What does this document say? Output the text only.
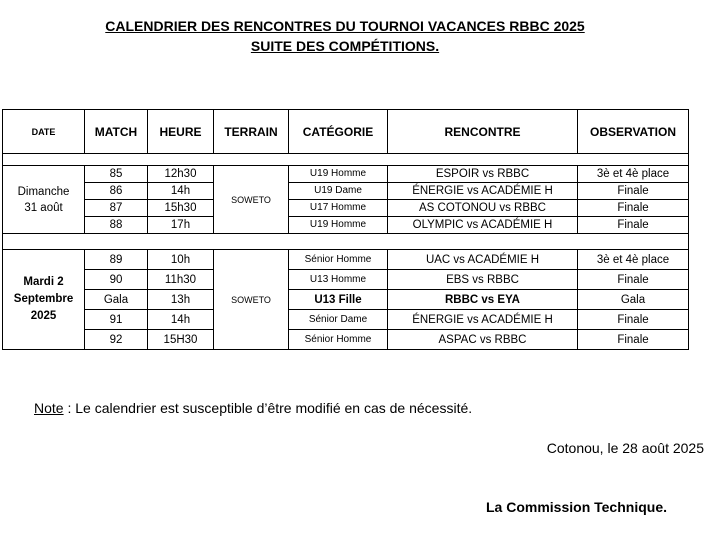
CALENDRIER DES RENCONTRES DU TOURNOI VACANCES RBBC 2025
SUITE DES COMPÉTITIONS.
DATE	MATCH	HEURE	TERRAIN	CATÉGORIE	RENCONTRE	OBSERVATION

Dimanche
31 août	85	12h30	SOWETO	U19 Homme	ESPOIR vs RBBC	3è et 4è place
	86	14h		U19 Dame	ÉNERGIE vs ACADÉMIE H	Finale
	87	15h30		U17 Homme	AS COTONOU vs RBBC	Finale
	88	17h		U19 Homme	OLYMPIC vs ACADÉMIE H	Finale

Mardi 2
Septembre
2025	89	10h	SOWETO	Sénior Homme	UAC vs ACADÉMIE H	3è et 4è place
	90	11h30		U13 Homme	EBS vs RBBC	Finale
	Gala	13h		U13 Fille	RBBC vs EYA	Gala
	91	14h		Sénior Dame	ÉNERGIE vs ACADÉMIE H	Finale
	92	15H30		Sénior Homme	ASPAC vs RBBC	Finale
Note : Le calendrier est susceptible d’être modifié en cas de nécessité.
Cotonou, le 28 août 2025
La Commission Technique.
